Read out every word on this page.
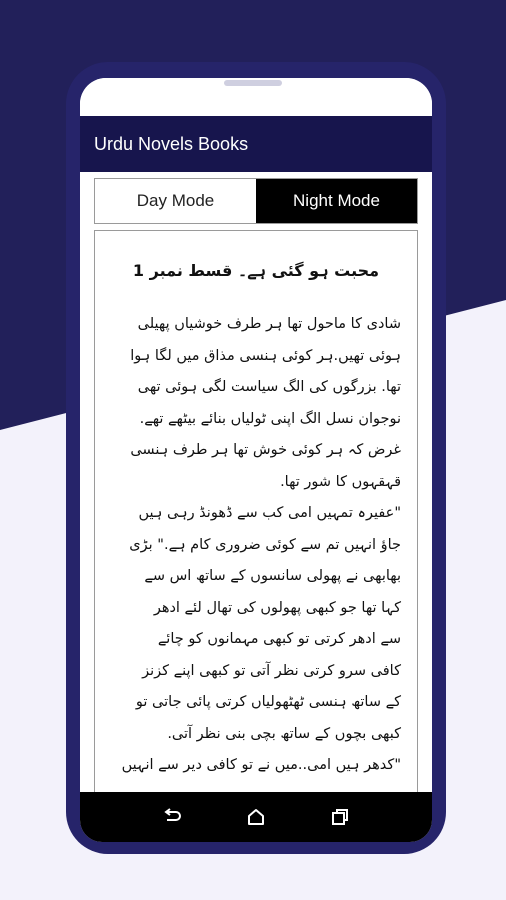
Urdu Novels Books
Day Mode	Night Mode
محبت ہو گئی ہے۔ قسط نمبر 1
شادی کا ماحول تھا ہر طرف خوشیاں پھیلی
ہوئی تھیں.ہر کوئی ہنسی مذاق میں لگا ہوا
تھا. بزرگوں کی الگ سیاست لگی ہوئی تھی
نوجوان نسل الگ اپنی ٹولیاں بنائے بیٹھے تھے.
غرض کہ ہر کوئی خوش تھا ہر طرف ہنسی
قہقہوں کا شور تھا.
"عفیرہ تمہیں امی کب سے ڈھونڈ رہی ہیں
جاؤ انہیں تم سے کوئی ضروری کام ہے." بڑی
بھابھی نے پھولی سانسوں کے ساتھ اس سے
کہا تھا جو کبھی پھولوں کی تھال لئے ادھر
سے ادھر کرتی تو کبھی مہمانوں کو چائے
کافی سرو کرتی نظر آتی تو کبھی اپنے کزنز
کے ساتھ ہنسی ٹھٹھولیاں کرتی پائی جاتی تو
کبھی بچوں کے ساتھ بچی بنی نظر آتی.
"کدھر ہیں امی..میں نے تو کافی دیر سے انہیں
